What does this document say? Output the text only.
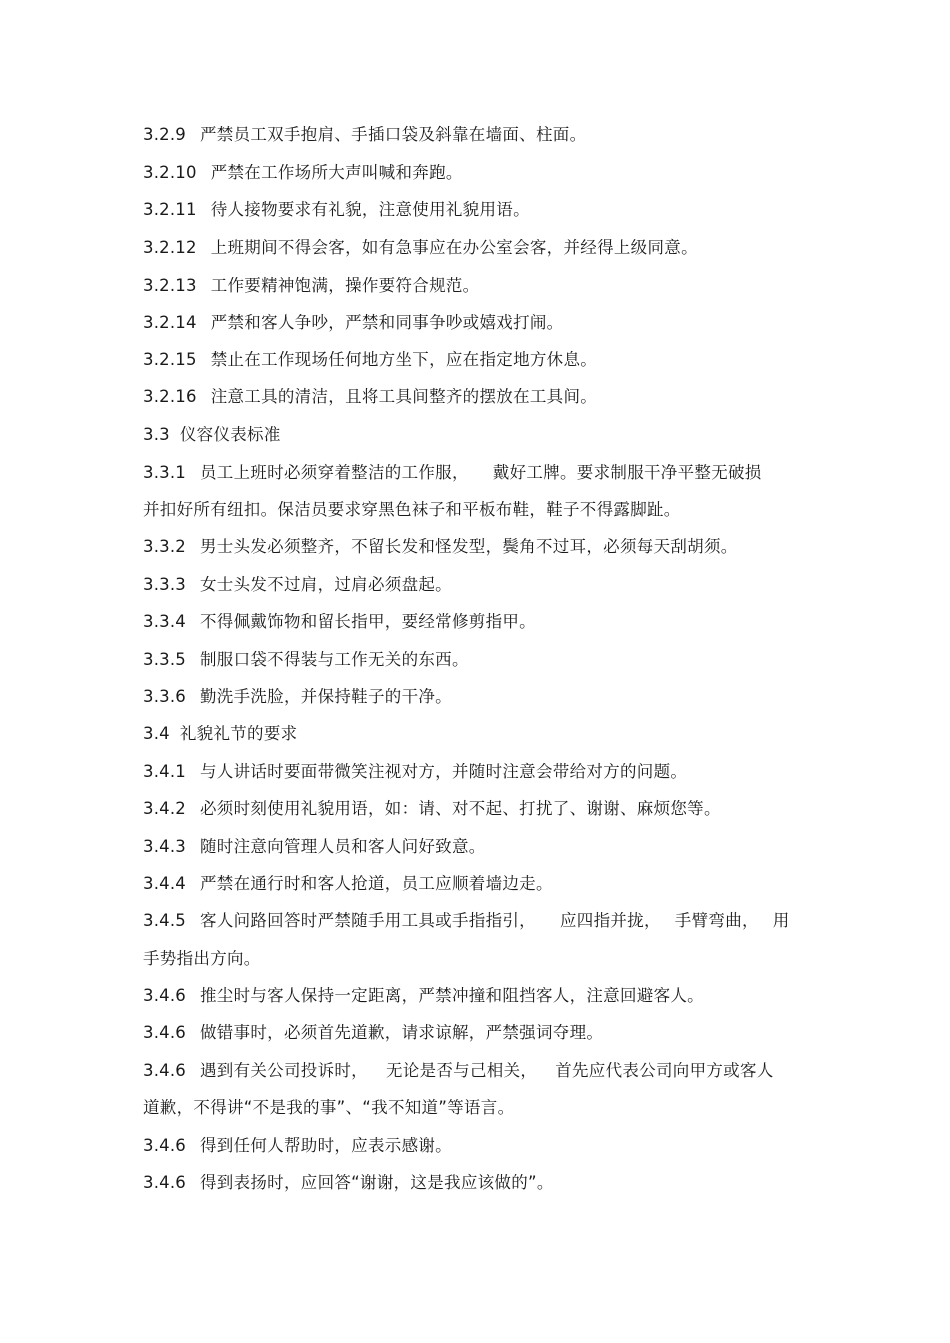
3.2.9 严禁员工双手抱肩、手插口袋及斜靠在墙面、柱面。
3.2.10 严禁在工作场所大声叫喊和奔跑。
3.2.11 待人接物要求有礼貌，注意使用礼貌用语。
3.2.12 上班期间不得会客，如有急事应在办公室会客，并经得上级同意。
3.2.13 工作要精神饱满，操作要符合规范。
3.2.14 严禁和客人争吵，严禁和同事争吵或嬉戏打闹。
3.2.15 禁止在工作现场任何地方坐下，应在指定地方休息。
3.2.16 注意工具的清洁，且将工具间整齐的摆放在工具间。
3.3 仪容仪表标准
3.3.1 员工上班时必须穿着整洁的工作服， 戴好工牌。要求制服干净平整无破损
并扣好所有纽扣。保洁员要求穿黑色袜子和平板布鞋，鞋子不得露脚趾。
3.3.2 男士头发必须整齐，不留长发和怪发型，鬓角不过耳，必须每天刮胡须。
3.3.3 女士头发不过肩，过肩必须盘起。
3.3.4 不得佩戴饰物和留长指甲，要经常修剪指甲。
3.3.5 制服口袋不得装与工作无关的东西。
3.3.6 勤洗手洗脸，并保持鞋子的干净。
3.4 礼貌礼节的要求
3.4.1 与人讲话时要面带微笑注视对方，并随时注意会带给对方的问题。
3.4.2 必须时刻使用礼貌用语，如：请、对不起、打扰了、谢谢、麻烦您等。
3.4.3 随时注意向管理人员和客人问好致意。
3.4.4 严禁在通行时和客人抢道，员工应顺着墙边走。
3.4.5 客人问路回答时严禁随手用工具或手指指引， 应四指并拢， 手臂弯曲， 用
手势指出方向。
3.4.6 推尘时与客人保持一定距离，严禁冲撞和阻挡客人，注意回避客人。
3.4.6 做错事时，必须首先道歉，请求谅解，严禁强词夺理。
3.4.6 遇到有关公司投诉时， 无论是否与己相关， 首先应代表公司向甲方或客人
道歉，不得讲“不是我的事”、“我不知道”等语言。
3.4.6 得到任何人帮助时，应表示感谢。
3.4.6 得到表扬时，应回答“谢谢，这是我应该做的”。
